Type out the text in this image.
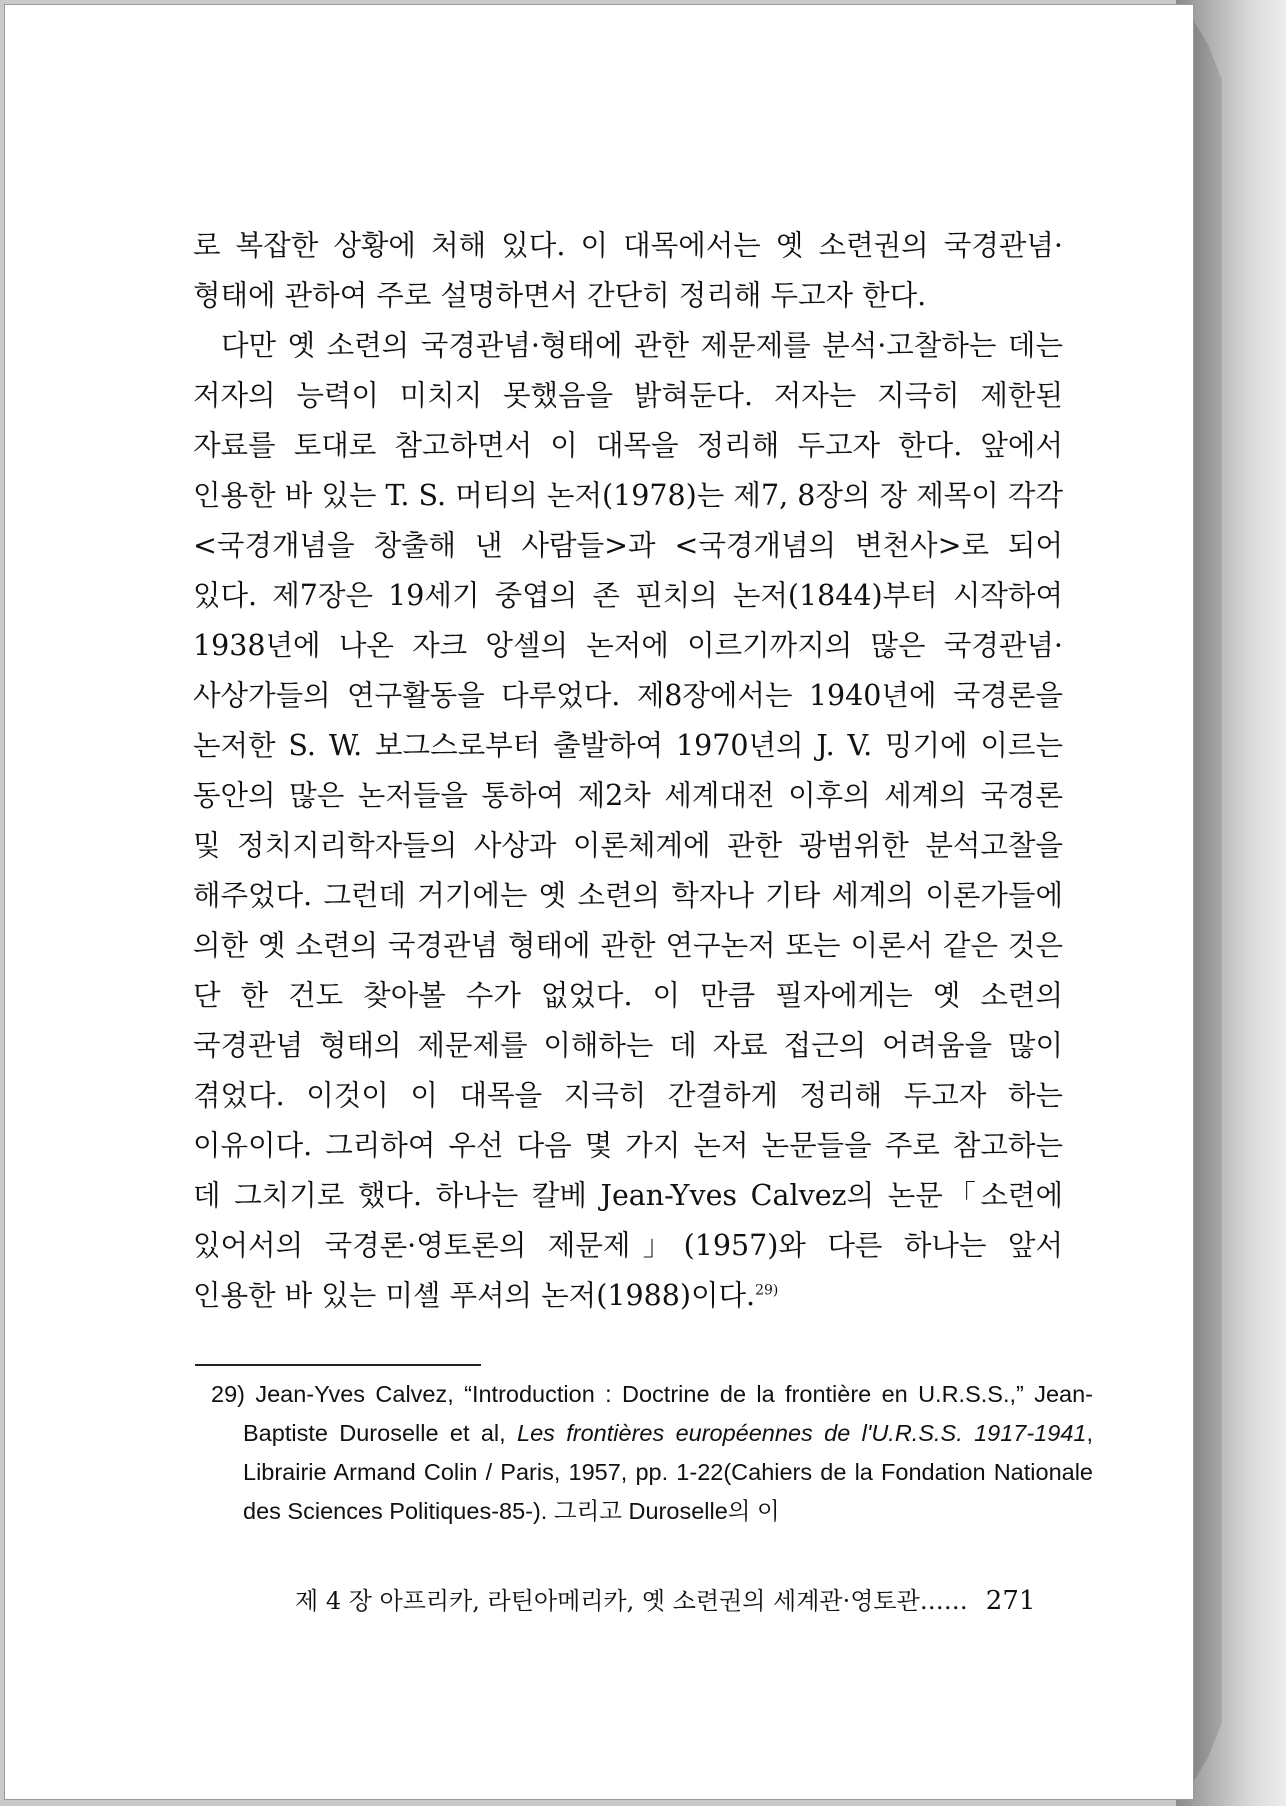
로 복잡한 상황에 처해 있다. 이 대목에서는 옛 소련권의 국경관념·형태에 관하여 주로 설명하면서 간단히 정리해 두고자 한다.

다만 옛 소련의 국경관념·형태에 관한 제문제를 분석·고찰하는 데는 저자의 능력이 미치지 못했음을 밝혀둔다. 저자는 지극히 제한된 자료를 토대로 참고하면서 이 대목을 정리해 두고자 한다. 앞에서 인용한 바 있는 T. S. 머티의 논저(1978)는 제7, 8장의 장 제목이 각각 <국경개념을 창출해 낸 사람들>과 <국경개념의 변천사>로 되어 있다. 제7장은 19세기 중엽의 존 핀치의 논저(1844)부터 시작하여 1938년에 나온 자크 앙셀의 논저에 이르기까지의 많은 국경관념·사상가들의 연구활동을 다루었다. 제8장에서는 1940년에 국경론을 논저한 S. W. 보그스로부터 출발하여 1970년의 J. V. 밍기에 이르는 동안의 많은 논저들을 통하여 제2차 세계대전 이후의 세계의 국경론 및 정치지리학자들의 사상과 이론체계에 관한 광범위한 분석고찰을 해주었다. 그런데 거기에는 옛 소련의 학자나 기타 세계의 이론가들에 의한 옛 소련의 국경관념 형태에 관한 연구논저 또는 이론서 같은 것은 단 한 건도 찾아볼 수가 없었다. 이 만큼 필자에게는 옛 소련의 국경관념 형태의 제문제를 이해하는 데 자료 접근의 어려움을 많이 겪었다. 이것이 이 대목을 지극히 간결하게 정리해 두고자 하는 이유이다. 그리하여 우선 다음 몇 가지 논저 논문들을 주로 참고하는 데 그치기로 했다. 하나는 칼베 Jean-Yves Calvez의 논문「소련에 있어서의 국경론·영토론의 제문제」(1957)와 다른 하나는 앞서 인용한 바 있는 미셸 푸셔의 논저(1988)이다.$^{29)}$

29) Jean-Yves Calvez, “Introduction : Doctrine de la frontière en U.R.S.S.,” Jean-Baptiste Duroselle et al, Les frontières européennes de l'U.R.S.S. 1917-1941, Librairie Armand Colin / Paris, 1957, pp. 1-22(Cahiers de la Fondation Nationale des Sciences Politiques-85-). 그리고 Duroselle의 이
제 4 장 아프리카, 라틴아메리카, 옛 소련권의 세계관·영토관…… 271
